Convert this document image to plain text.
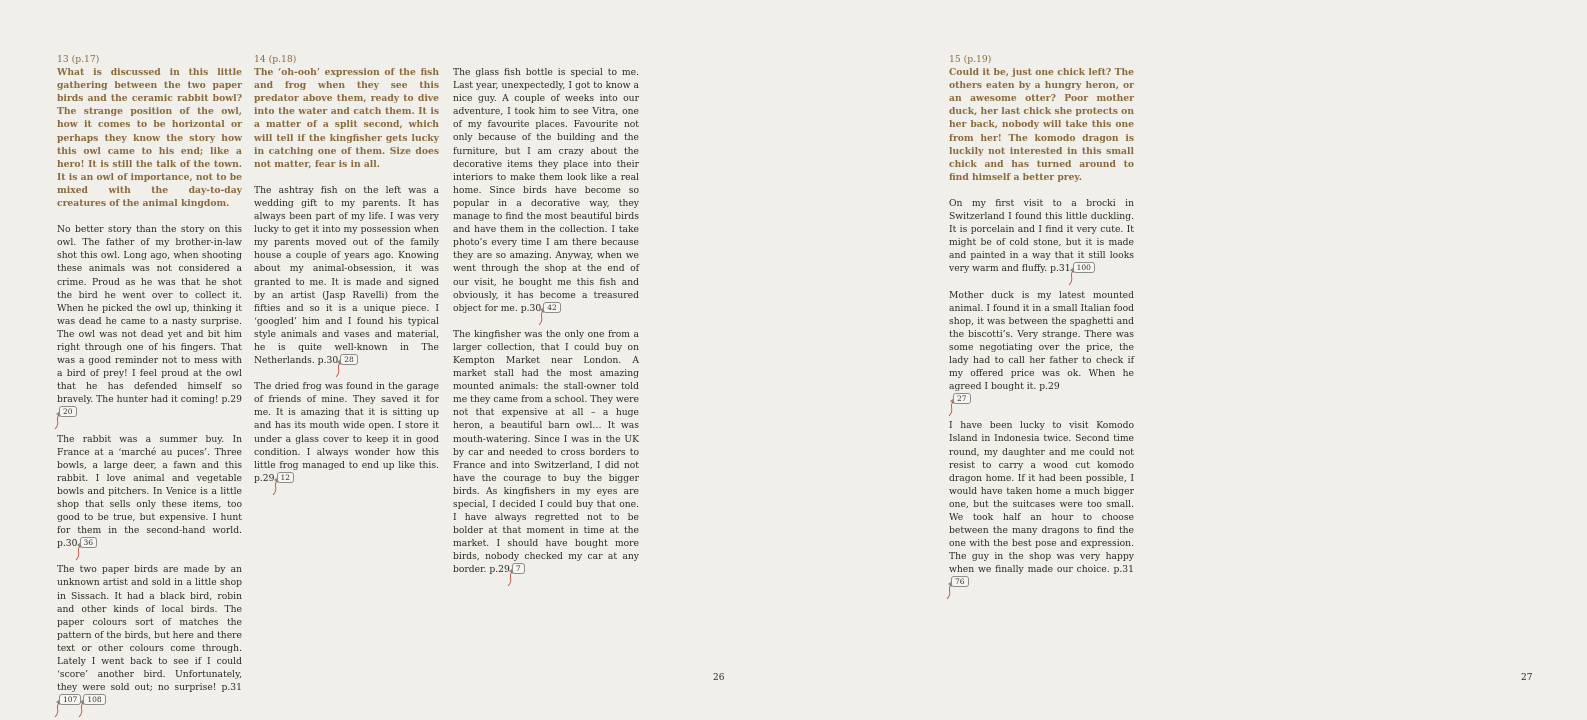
13 (p.17)

What is discussed in this little gathering between the two paper birds and the ceramic rabbit bowl? The strange position of the owl, how it comes to be horizontal or perhaps they know the story how this owl came to his end; like a hero! It is still the talk of the town. It is an owl of importance, not to be mixed with the day-to-day creatures of the animal kingdom.

No better story than the story on this owl. The father of my brother-in-law shot this owl. Long ago, when shooting these animals was not considered a crime. Proud as he was that he shot the bird he went over to collect it. When he picked the owl up, thinking it was dead he came to a nasty surprise. The owl was not dead yet and bit him right through one of his fingers. That was a good reminder not to mess with a bird of prey! I feel proud at the owl that he has defended himself so bravely. The hunter had it coming! p.29
20

The rabbit was a summer buy. In France at a ‘marché au puces’. Three bowls, a large deer, a fawn and this rabbit. I love animal and vegetable bowls and pitchers. In Venice is a little shop that sells only these items, too good to be true, but expensive. I hunt for them in the second-hand world. p.30 36

The two paper birds are made by an unknown artist and sold in a little shop in Sissach. It had a black bird, robin and other kinds of local birds. The paper colours sort of matches the pattern of the birds, but here and there text or other colours come through. Lately I went back to see if I could ‘score’ another bird. Unfortunately, they were sold out; no surprise! p.31
107 108

14 (p.18)

The ‘oh-ooh’ expression of the fish and frog when they see this predator above them, ready to dive into the water and catch them. It is a matter of a split second, which will tell if the kingfisher gets lucky in catching one of them. Size does not matter, fear is in all.

The ashtray fish on the left was a wedding gift to my parents. It has always been part of my life. I was very lucky to get it into my possession when my parents moved out of the family house a couple of years ago. Knowing about my animal-obsession, it was granted to me. It is made and signed by an artist (Jasp Ravelli) from the fifties and so it is a unique piece. I ‘googled’ him and I found his typical style animals and vases and material, he is quite well-known in The Netherlands. p.30 28

The dried frog was found in the garage of friends of mine. They saved it for me. It is amazing that it is sitting up and has its mouth wide open. I store it under a glass cover to keep it in good condition. I always wonder how this little frog managed to end up like this. p.29 12

The glass fish bottle is special to me. Last year, unexpectedly, I got to know a nice guy. A couple of weeks into our adventure, I took him to see Vitra, one of my favourite places. Favourite not only because of the building and the furniture, but I am crazy about the decorative items they place into their interiors to make them look like a real home. Since birds have become so popular in a decorative way, they manage to find the most beautiful birds and have them in the collection. I take photo’s every time I am there because they are so amazing. Anyway, when we went through the shop at the end of our visit, he bought me this fish and obviously, it has become a treasured object for me. p.30 42

The kingfisher was the only one from a larger collection, that I could buy on Kempton Market near London. A market stall had the most amazing mounted animals: the stall-owner told me they came from a school. They were not that expensive at all – a huge heron, a beautiful barn owl… It was mouth-watering. Since I was in the UK by car and needed to cross borders to France and into Switzerland, I did not have the courage to buy the bigger birds. As kingfishers in my eyes are special, I decided I could buy that one. I have always regretted not to be bolder at that moment in time at the market. I should have bought more birds, nobody checked my car at any border. p.29 7

15 (p.19)

Could it be, just one chick left? The others eaten by a hungry heron, or an awesome otter? Poor mother duck, her last chick she protects on her back, nobody will take this one from her! The komodo dragon is luckily not interested in this small chick and has turned around to find himself a better prey.

On my first visit to a brocki in Switzerland I found this little duckling. It is porcelain and I find it very cute. It might be of cold stone, but it is made and painted in a way that it still looks very warm and fluffy. p.31 100

Mother duck is my latest mounted animal. I found it in a small Italian food shop, it was between the spaghetti and the biscotti’s. Very strange. There was some negotiating over the price, the lady had to call her father to check if my offered price was ok. When he agreed I bought it. p.29

27

I have been lucky to visit Komodo Island in Indonesia twice. Second time round, my daughter and me could not resist to carry a wood cut komodo dragon home. If it had been possible, I would have taken home a much bigger one, but the suitcases were too small. We took half an hour to choose between the many dragons to find the one with the best pose and expression. The guy in the shop was very happy when we finally made our choice. p.31
76

26	27
